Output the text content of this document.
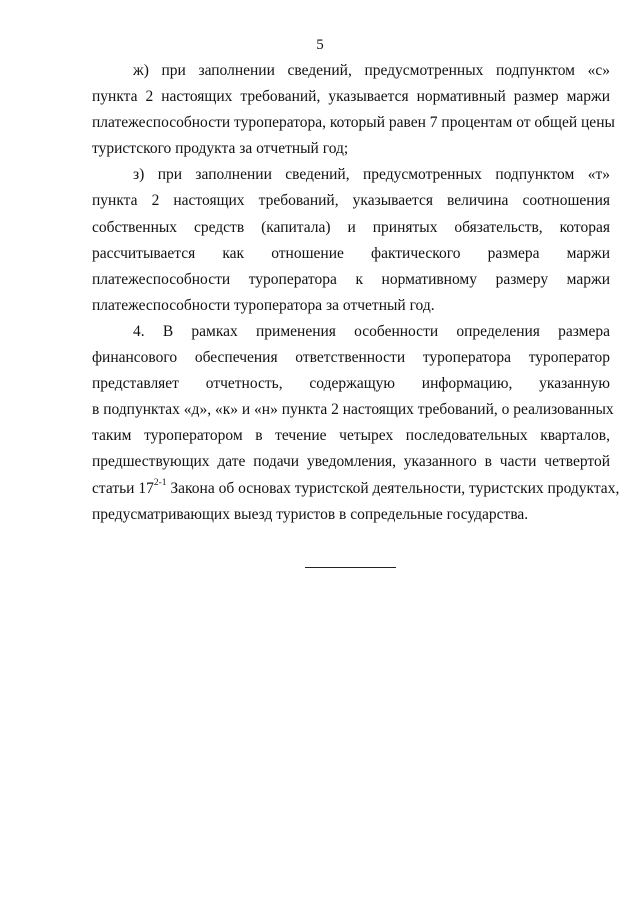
5
ж) при заполнении сведений, предусмотренных подпунктом «с»
пункта 2 настоящих требований, указывается нормативный размер маржи
платежеспособности туроператора, который равен 7 процентам от общей цены
туристского продукта за отчетный год;
з) при заполнении сведений, предусмотренных подпунктом «т»
пункта 2 настоящих требований, указывается величина соотношения
собственных средств (капитала) и принятых обязательств, которая
рассчитывается как отношение фактического размера маржи
платежеспособности туроператора к нормативному размеру маржи
платежеспособности туроператора за отчетный год.
4. В рамках применения особенности определения размера
финансового обеспечения ответственности туроператора туроператор
представляет отчетность, содержащую информацию, указанную
в подпунктах «д», «к» и «н» пункта 2 настоящих требований, о реализованных
таким туроператором в течение четырех последовательных кварталов,
предшествующих дате подачи уведомления, указанного в части четвертой
статьи 17$^{2-1}$ Закона об основах туристской деятельности, туристских продуктах,
предусматривающих выезд туристов в сопредельные государства.
